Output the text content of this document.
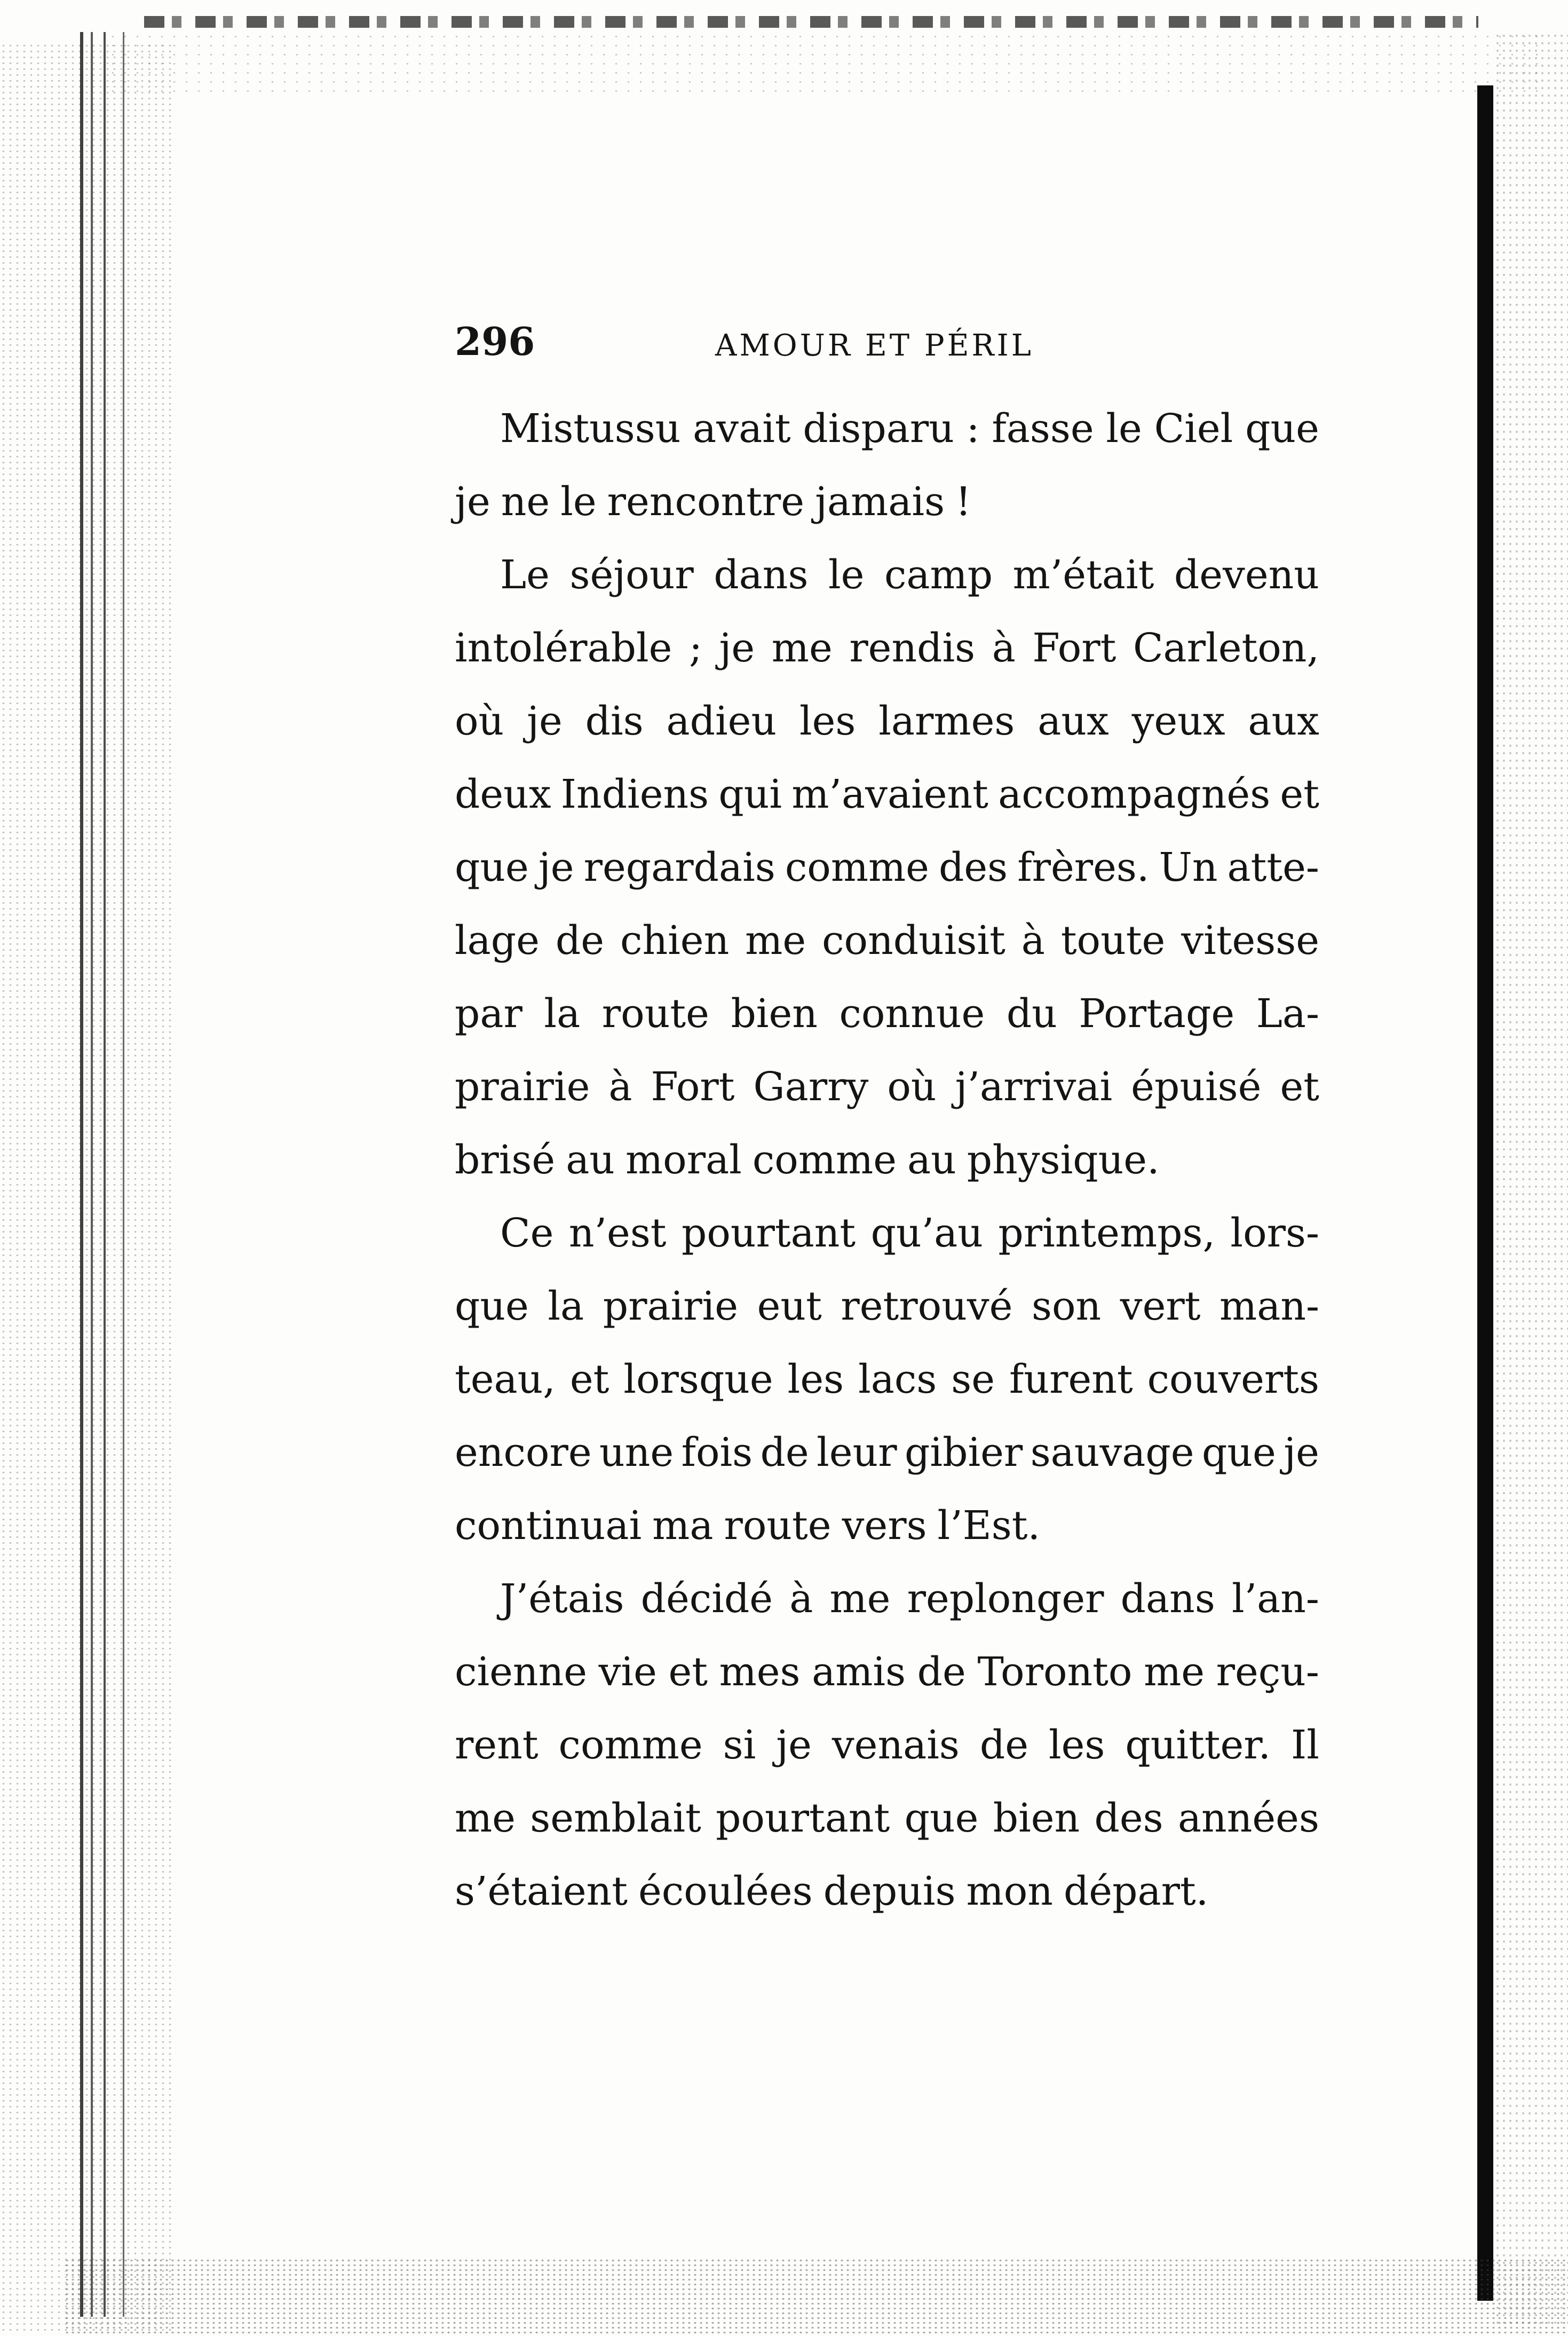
296	AMOUR ET PÉRIL
Mistussu avait disparu : fasse le Ciel que
je ne le rencontre jamais !
Le séjour dans le camp m’était devenu
intolérable ; je me rendis à Fort Carleton,
où je dis adieu les larmes aux yeux aux
deux Indiens qui m’avaient accompagnés et
que je regardais comme des frères. Un atte-
lage de chien me conduisit à toute vitesse
par la route bien connue du Portage La-
prairie à Fort Garry où j’arrivai épuisé et
brisé au moral comme au physique.
Ce n’est pourtant qu’au printemps, lors-
que la prairie eut retrouvé son vert man-
teau, et lorsque les lacs se furent couverts
encore une fois de leur gibier sauvage que je
continuai ma route vers l’Est.
J’étais décidé à me replonger dans l’an-
cienne vie et mes amis de Toronto me reçu-
rent comme si je venais de les quitter. Il
me semblait pourtant que bien des années
s’étaient écoulées depuis mon départ.
